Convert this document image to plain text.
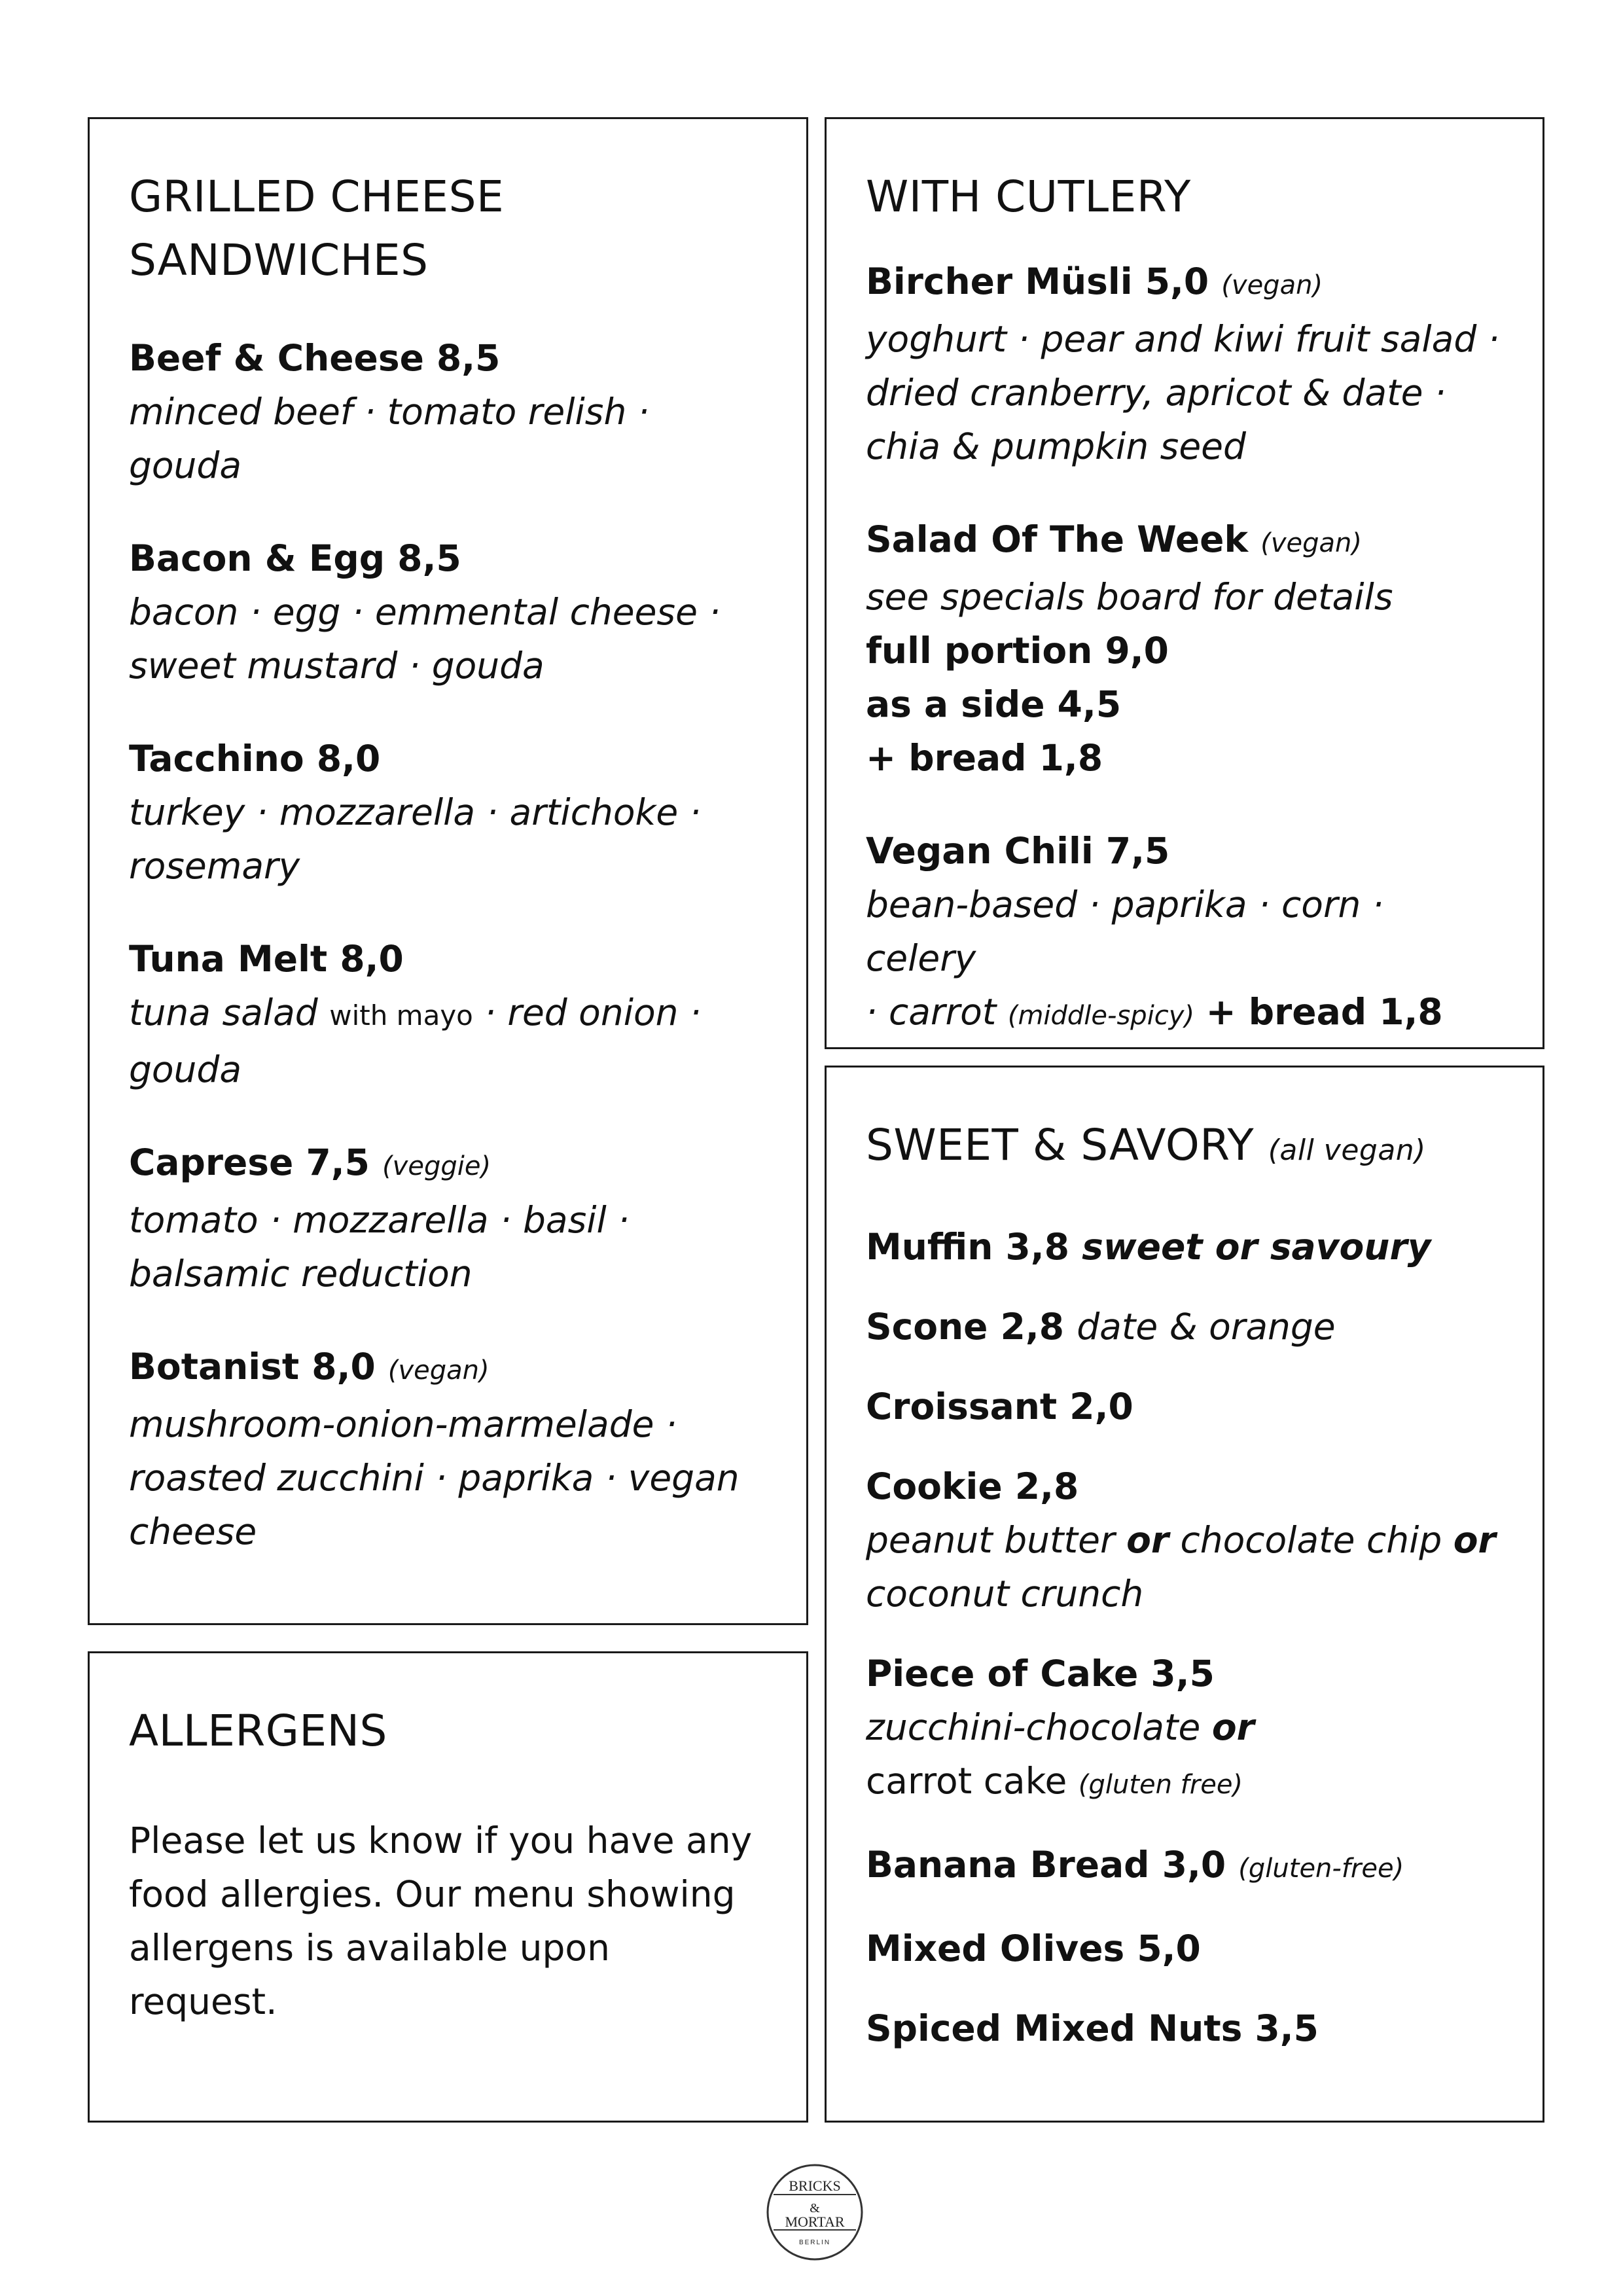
GRILLED CHEESE
SANDWICHES
Beef & Cheese 8,5
minced beef · tomato relish ·
gouda
Bacon & Egg 8,5
bacon · egg · emmental cheese ·
sweet mustard · gouda
Tacchino 8,0
turkey · mozzarella · artichoke ·
rosemary
Tuna Melt 8,0
tuna salad with mayo · red onion ·
gouda
Caprese 7,5 (veggie)
tomato · mozzarella · basil ·
balsamic reduction
Botanist 8,0 (vegan)
mushroom-onion-marmelade ·
roasted zucchini · paprika · vegan
cheese
ALLERGENS
Please let us know if you have any
food allergies. Our menu showing
allergens is available upon request.
WITH CUTLERY
Bircher Müsli 5,0 (vegan)
yoghurt · pear and kiwi fruit salad ·
dried cranberry, apricot & date ·
chia & pumpkin seed
Salad Of The Week (vegan)
see specials board for details
full portion 9,0
as a side 4,5
+ bread 1,8
Vegan Chili 7,5
bean-based · paprika · corn · celery
· carrot (middle-spicy) + bread 1,8
SWEET & SAVORY (all vegan)
Muffin 3,8 sweet or savoury
Scone 2,8 date & orange
Croissant 2,0
Cookie 2,8
peanut butter or chocolate chip or
coconut crunch
Piece of Cake 3,5
zucchini-chocolate or
carrot cake (gluten free)
Banana Bread 3,0 (gluten-free)
Mixed Olives 5,0
Spiced Mixed Nuts 3,5
BRICKS
&
MORTAR
BERLIN
